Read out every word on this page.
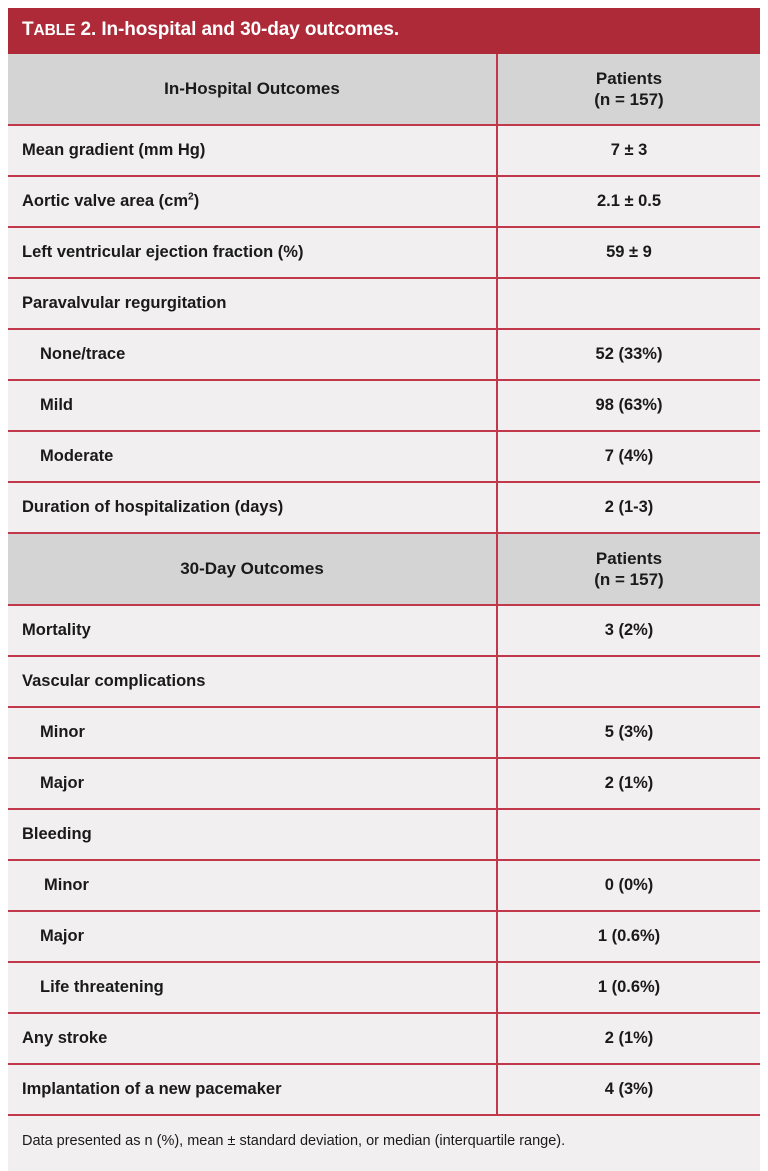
TABLE 2. In-hospital and 30-day outcomes.
In-Hospital Outcomes	Patients
(n = 157)

Mean gradient (mm Hg)	7 ± 3
Aortic valve area $(cm^2)$	2.1 ± 0.5
Left ventricular ejection fraction (%)	59 ± 9
Paravalvular regurgitation	
None/trace	52 (33%)
Mild	98 (63%)
Moderate	7 (4%)
Duration of hospitalization (days)	2 (1-3)
30-Day Outcomes	Patients
(n = 157)

Mortality	3 (2%)
Vascular complications	
Minor	5 (3%)
Major	2 (1%)
Bleeding	
Minor	0 (0%)
Major	1 (0.6%)
Life threatening	1 (0.6%)
Any stroke	2 (1%)
Implantation of a new pacemaker	4 (3%)
Data presented as n (%), mean ± standard deviation, or median (interquartile range).
